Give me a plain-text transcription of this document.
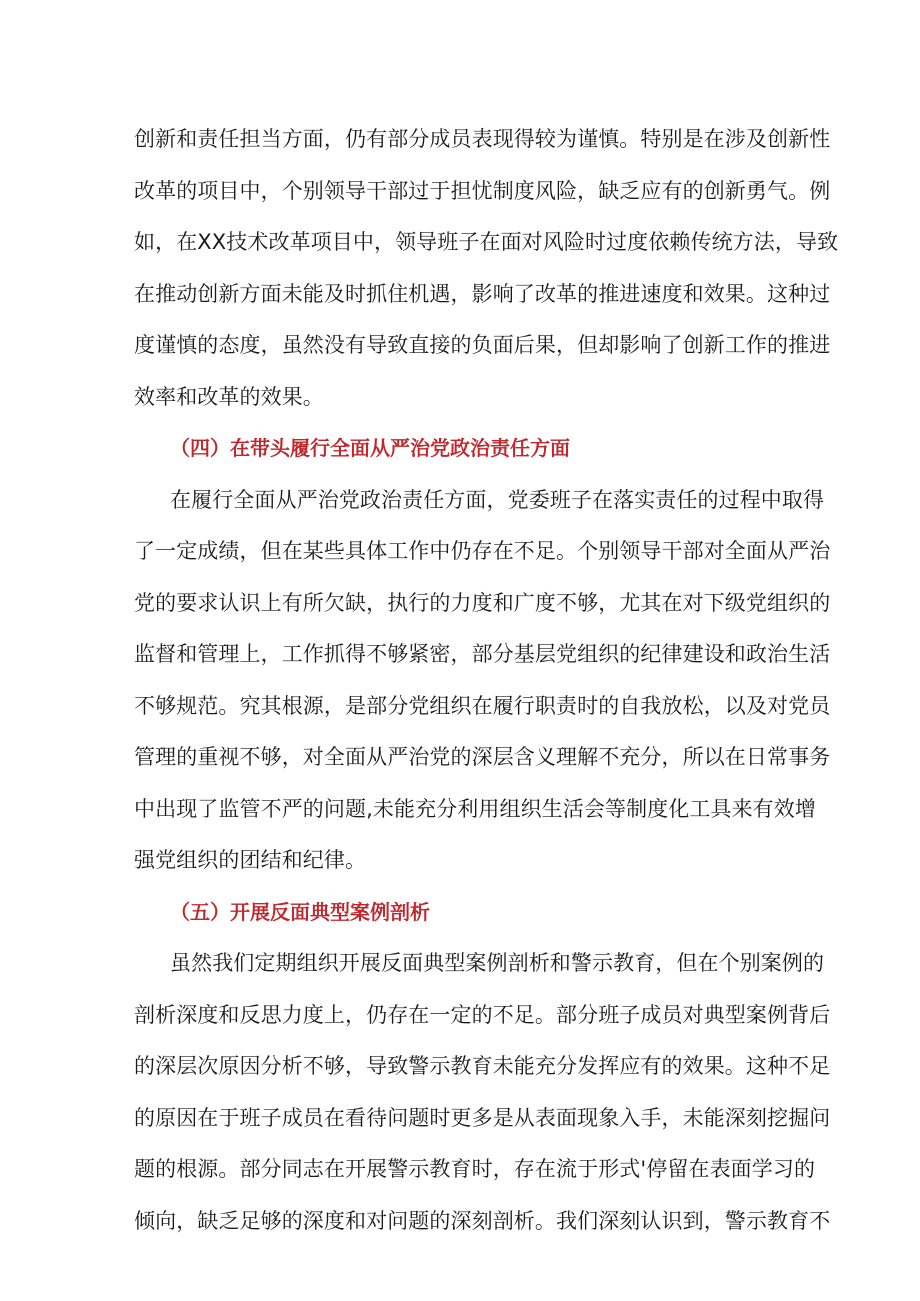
创新和责任担当方面，仍有部分成员表现得较为谨慎。特别是在涉及创新性
改革的项目中，个别领导干部过于担忧制度风险，缺乏应有的创新勇气。例
如，在XX技术改革项目中，领导班子在面对风险时过度依赖传统方法，导致
在推动创新方面未能及时抓住机遇，影响了改革的推进速度和效果。这种过
度谨慎的态度，虽然没有导致直接的负面后果，但却影响了创新工作的推进
效率和改革的效果。
（四）在带头履行全面从严治党政治责任方面
在履行全面从严治党政治责任方面，党委班子在落实责任的过程中取得
了一定成绩，但在某些具体工作中仍存在不足。个别领导干部对全面从严治
党的要求认识上有所欠缺，执行的力度和广度不够，尤其在对下级党组织的
监督和管理上，工作抓得不够紧密，部分基层党组织的纪律建设和政治生活
不够规范。究其根源，是部分党组织在履行职责时的自我放松，以及对党员
管理的重视不够，对全面从严治党的深层含义理解不充分，所以在日常事务
中出现了监管不严的问题,未能充分利用组织生活会等制度化工具来有效增
强党组织的团结和纪律。
（五）开展反面典型案例剖析
虽然我们定期组织开展反面典型案例剖析和警示教育，但在个别案例的
剖析深度和反思力度上，仍存在一定的不足。部分班子成员对典型案例背后
的深层次原因分析不够，导致警示教育未能充分发挥应有的效果。这种不足
的原因在于班子成员在看待问题时更多是从表面现象入手，未能深刻挖掘问
题的根源。部分同志在开展警示教育时，存在流于形式'停留在表面学习的
倾向，缺乏足够的深度和对问题的深刻剖析。我们深刻认识到，警示教育不
